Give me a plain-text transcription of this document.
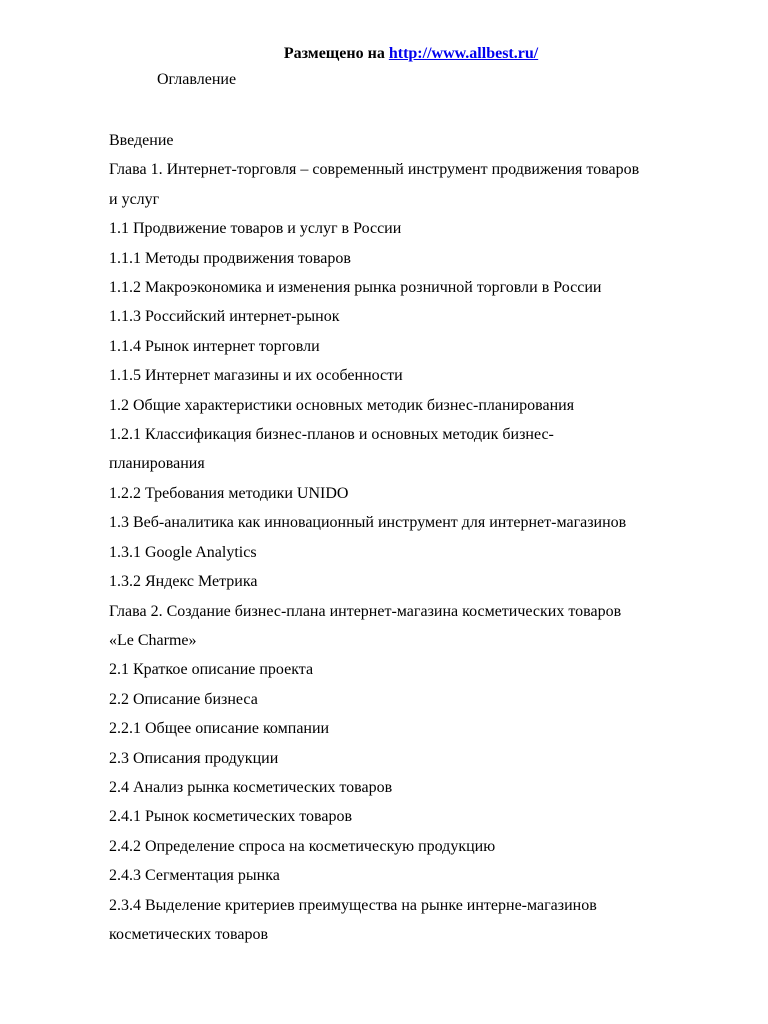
Размещено на http://www.allbest.ru/
Оглавление
Введение
Глава 1. Интернет-торговля – современный инструмент продвижения товаров
и услуг
1.1 Продвижение товаров и услуг в России
1.1.1 Методы продвижения товаров
1.1.2 Макроэкономика и изменения рынка розничной торговли в России
1.1.3 Российский интернет-рынок
1.1.4 Рынок интернет торговли
1.1.5 Интернет магазины и их особенности
1.2 Общие характеристики основных методик бизнес-планирования
1.2.1 Классификация бизнес-планов и основных методик бизнес-
планирования
1.2.2 Требования методики UNIDO
1.3 Веб-аналитика как инновационный инструмент для интернет-магазинов
1.3.1 Google Analytics
1.3.2 Яндекс Метрика
Глава 2. Создание бизнес-плана интернет-магазина косметических товаров
«Le Charme»
2.1 Краткое описание проекта
2.2 Описание бизнеса
2.2.1 Общее описание компании
2.3 Описания продукции
2.4 Анализ рынка косметических товаров
2.4.1 Рынок косметических товаров
2.4.2 Определение спроса на косметическую продукцию
2.4.3 Сегментация рынка
2.3.4 Выделение критериев преимущества на рынке интерне-магазинов
косметических товаров
